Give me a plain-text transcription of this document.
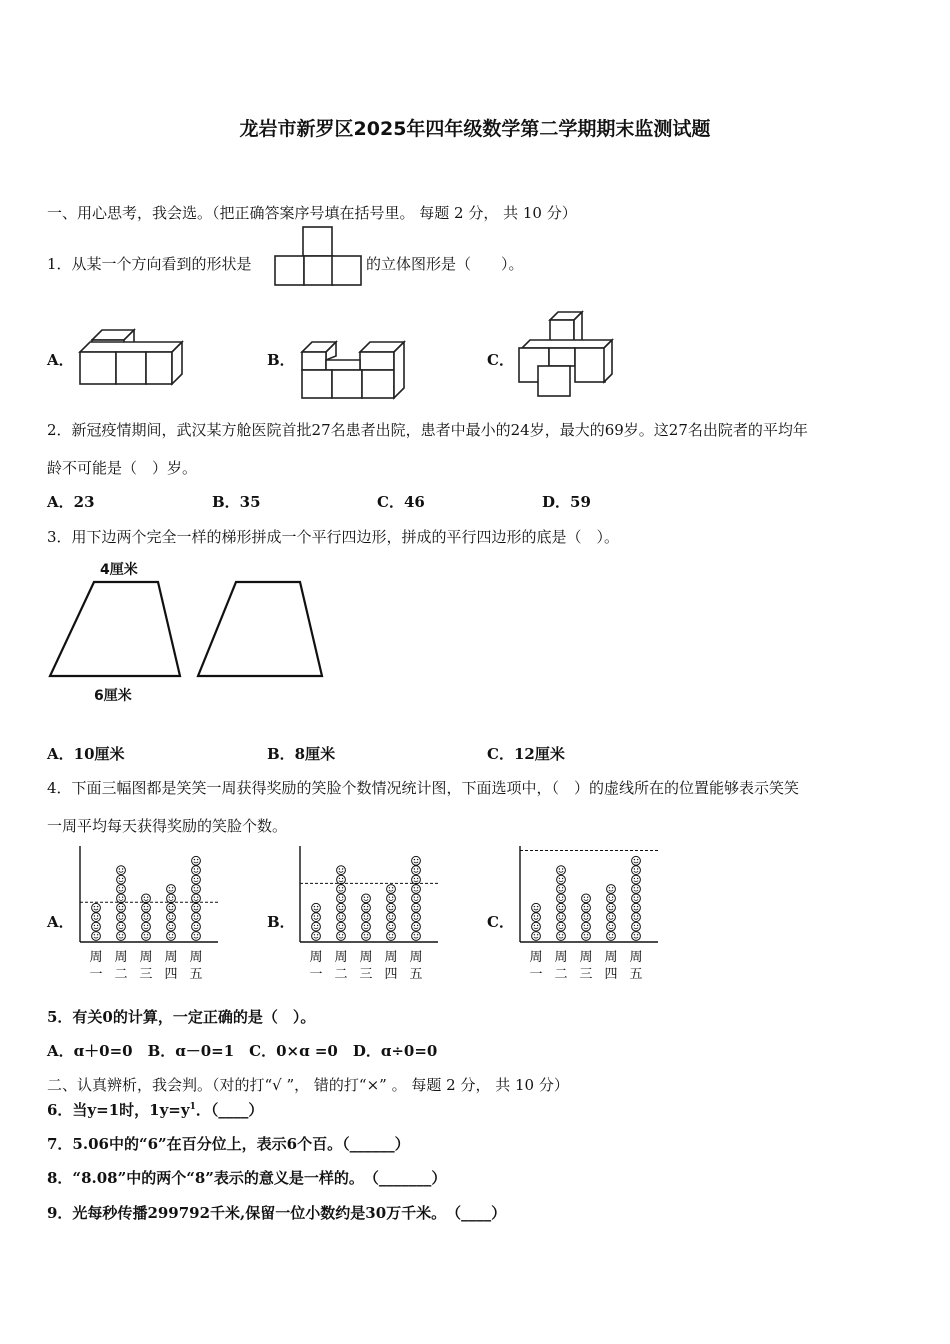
龙岩市新罗区2025年四年级数学第二学期期末监测试题
一、用心思考，我会选。（把正确答案序号填在括号里。 每题 2 分， 共 10 分）
1．从某一个方向看到的形状是	的立体图形是（　　）。
A．	B．	C．
2．新冠疫情期间，武汉某方舱医院首批27名患者出院，患者中最小的24岁，最大的69岁。这27名出院者的平均年
龄不可能是（　）岁。
A．23	B．35	C．46	D．59
3．用下边两个完全一样的梯形拼成一个平行四边形，拼成的平行四边形的底是（　）。
4厘米
6厘米
A．10厘米	B．8厘米	C．12厘米
4．下面三幅图都是笑笑一周获得奖励的笑脸个数情况统计图，下面选项中，（　）的虚线所在的位置能够表示笑笑
一周平均每天获得奖励的笑脸个数。
A．	B．	C．
周
一
周
二
周
三
周
四
周
五
周
一
周
二
周
三
周
四
周
五
周
一
周
二
周
三
周
四
周
五
5．有关0的计算，一定正确的是（　）。
A．ɑ＋0=0　B．ɑ－0=1　C．0×ɑ =0　D．ɑ÷0=0
二、认真辨析，我会判。（对的打“√ ”， 错的打“×” 。 每题 2 分， 共 10 分）
6．当y=1时，$1y=y^1$．（____）
7．5.06中的“6”在百分位上，表示6个百。（______）
8．“8.08”中的两个“8”表示的意义是一样的。　（_______）
9．光每秒传播299792千米,保留一位小数约是30万千米。　（____）
